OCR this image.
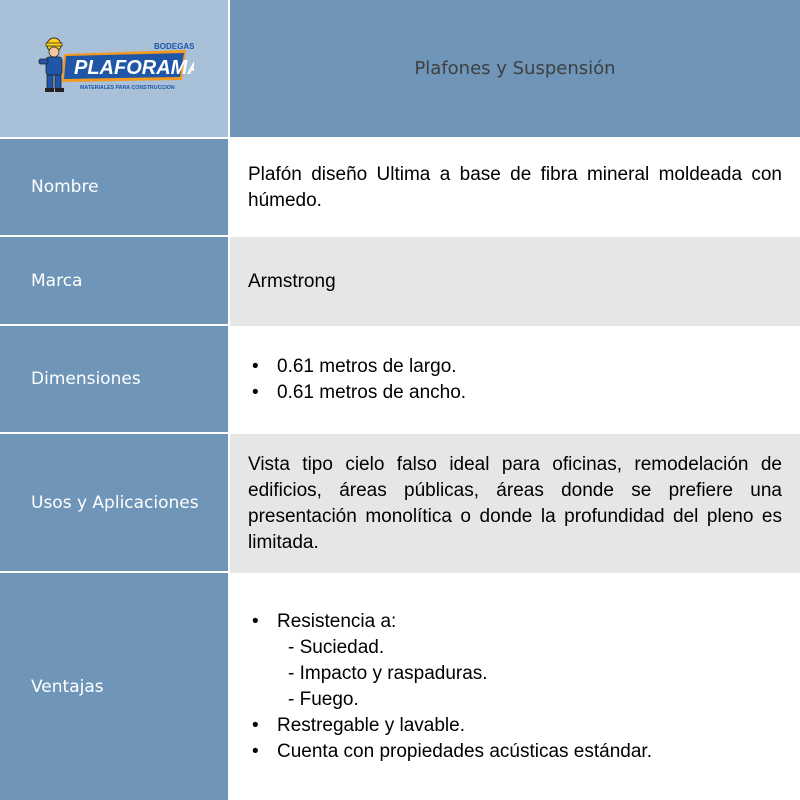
BODEGAS
PLAFORAMA
MATERIALES PARA CONSTRUCCION
Plafones y Suspensión
Nombre
Plafón diseño Ultima a base de fibra mineral moldeada con húmedo.
Marca	Armstrong
Dimensiones
• 0.61 metros de largo.
• 0.61 metros de ancho.
Usos y Aplicaciones
Vista tipo cielo falso ideal para oficinas, remodelación de edificios, áreas públicas, áreas donde se prefiere una presentación monolítica o donde la profundidad del pleno es limitada.
Ventajas
• Resistencia a:
- Suciedad.
- Impacto y raspaduras.
- Fuego.
• Restregable y lavable.
• Cuenta con propiedades acústicas estándar.
